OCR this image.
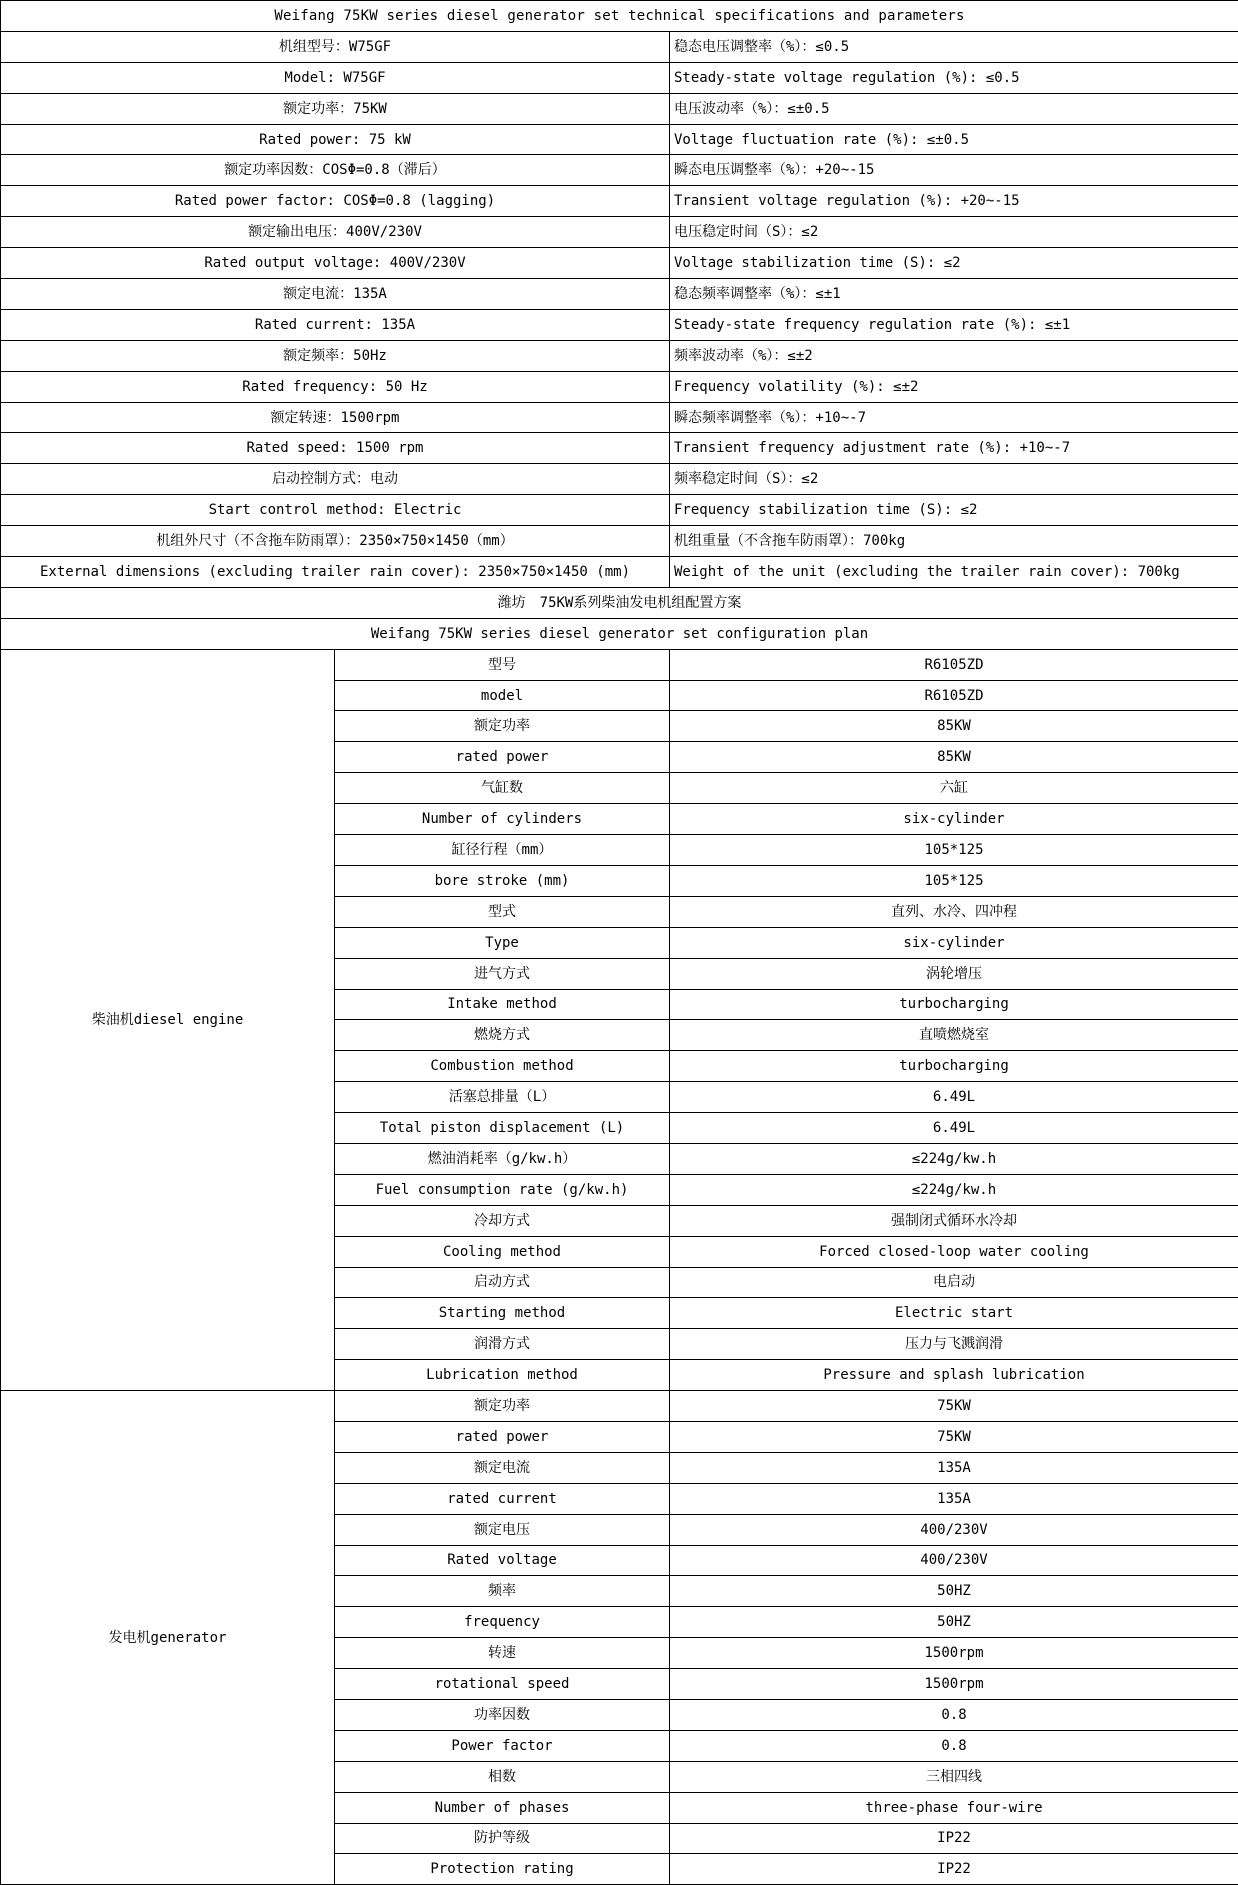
Weifang 75KW series diesel generator set technical specifications and parameters		
机组型号：W75GF		稳态电压调整率（%）：≤0.5
Model: W75GF		Steady-state voltage regulation (%): ≤0.5
额定功率：75KW		电压波动率（%）：≤±0.5
Rated power: 75 kW		Voltage fluctuation rate (%): ≤±0.5
额定功率因数：COSΦ=0.8（滞后）		瞬态电压调整率（%）：+20~-15
Rated power factor: COSΦ=0.8 (lagging)		Transient voltage regulation (%): +20~-15
额定输出电压：400V/230V		电压稳定时间（S）：≤2
Rated output voltage: 400V/230V		Voltage stabilization time (S): ≤2
额定电流：135A		稳态频率调整率（%）：≤±1
Rated current: 135A		Steady-state frequency regulation rate (%): ≤±1
额定频率：50Hz		频率波动率（%）：≤±2
Rated frequency: 50 Hz		Frequency volatility (%): ≤±2
额定转速：1500rpm		瞬态频率调整率（%）：+10~-7
Rated speed: 1500 rpm		Transient frequency adjustment rate (%): +10~-7
启动控制方式：电动		频率稳定时间（S）：≤2
Start control method: Electric		Frequency stabilization time (S): ≤2
机组外尺寸（不含拖车防雨罩）：2350×750×1450（mm）		机组重量（不含拖车防雨罩）：700kg
External dimensions (excluding trailer rain cover): 2350×750×1450 (mm)		Weight of the unit (excluding the trailer rain cover): 700kg
潍坊　75KW系列柴油发电机组配置方案		
Weifang 75KW series diesel generator set configuration plan		
柴油机diesel engine	型号	R6105ZD
	model	R6105ZD
	额定功率	85KW
	rated power	85KW
	气缸数	六缸
	Number of cylinders	six-cylinder
	缸径行程（mm）	105*125
	bore stroke (mm)	105*125
	型式	直列、水冷、四冲程
	Type	six-cylinder
	进气方式	涡轮增压
	Intake method	turbocharging
	燃烧方式	直喷燃烧室
	Combustion method	turbocharging
	活塞总排量（L）	6.49L
	Total piston displacement (L)	6.49L
	燃油消耗率（g/kw.h）	≤224g/kw.h
	Fuel consumption rate (g/kw.h)	≤224g/kw.h
	冷却方式	强制闭式循环水冷却
	Cooling method	Forced closed-loop water cooling
	启动方式	电启动
	Starting method	Electric start
	润滑方式	压力与飞溅润滑
	Lubrication method	Pressure and splash lubrication
发电机generator	额定功率	75KW
	rated power	75KW
	额定电流	135A
	rated current	135A
	额定电压	400/230V
	Rated voltage	400/230V
	频率	50HZ
	frequency	50HZ
	转速	1500rpm
	rotational speed	1500rpm
	功率因数	0.8
	Power factor	0.8
	相数	三相四线
	Number of phases	three-phase four-wire
	防护等级	IP22
	Protection rating	IP22
